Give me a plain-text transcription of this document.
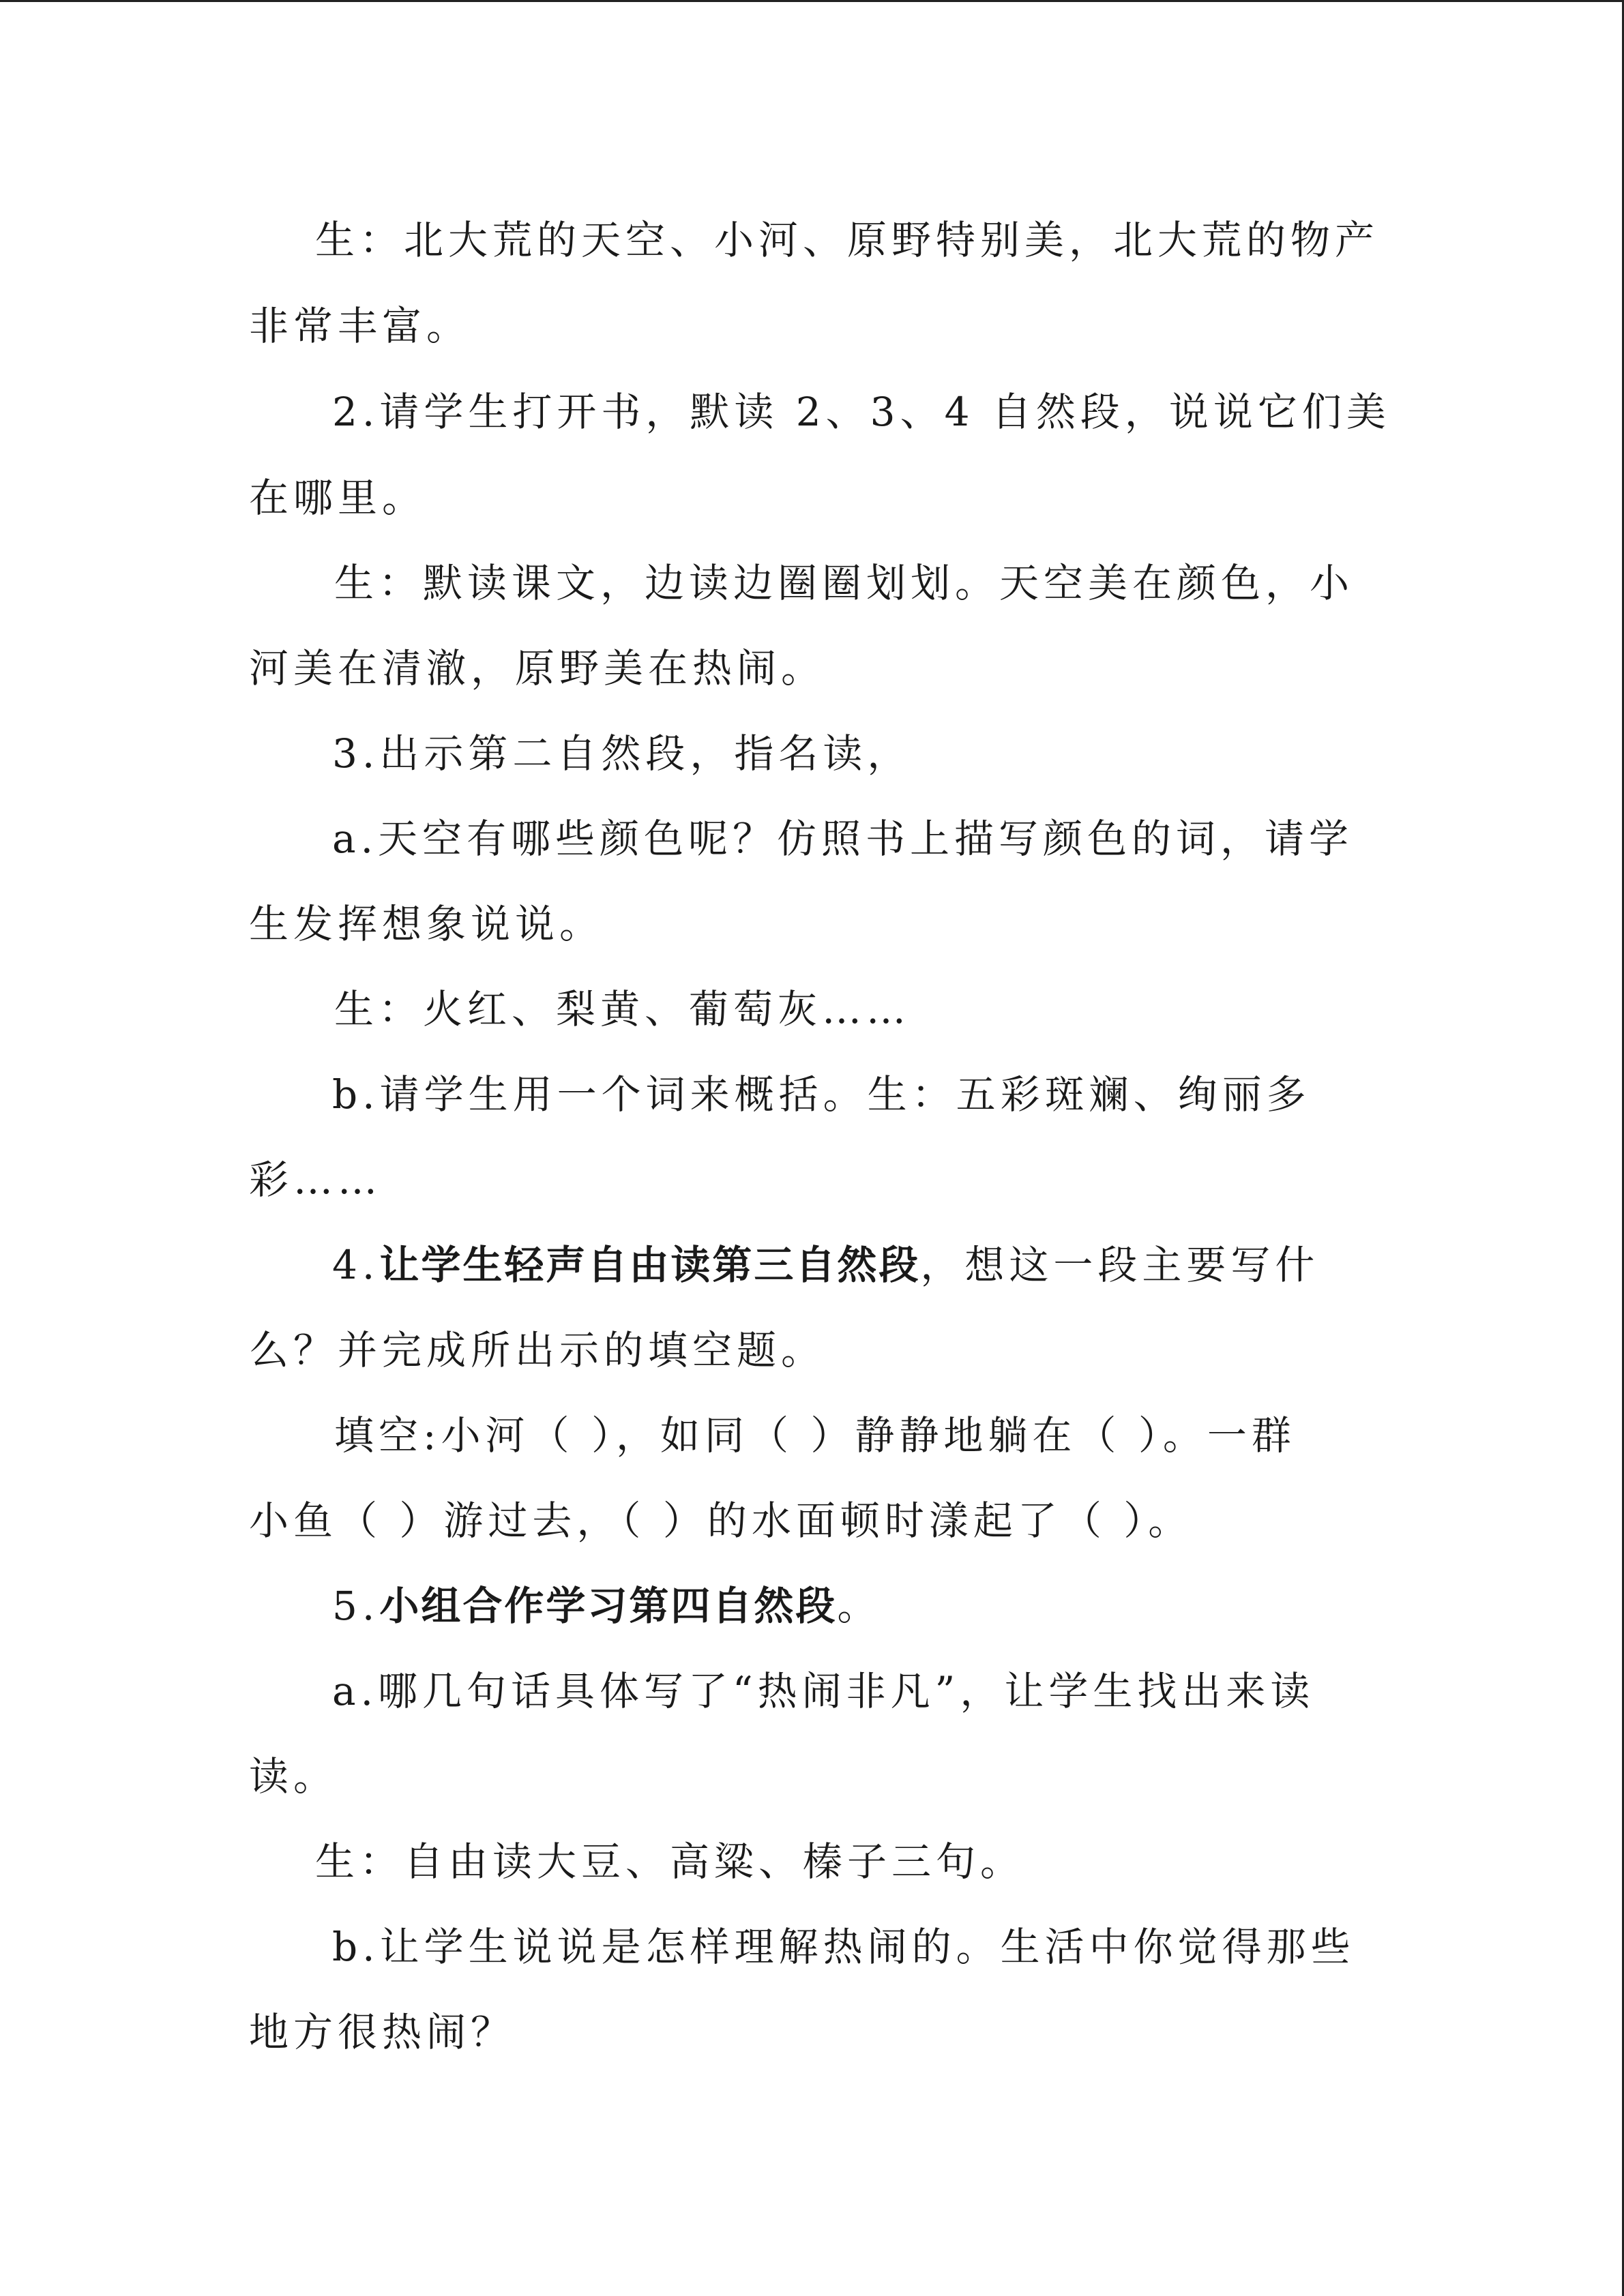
生：北大荒的天空、小河、原野特别美，北大荒的物产
非常丰富。
2.请学生打开书，默读 2、3、4 自然段，说说它们美
在哪里。
生：默读课文，边读边圈圈划划。天空美在颜色，小
河美在清澈，原野美在热闹。
3.出示第二自然段，指名读，
a.天空有哪些颜色呢？仿照书上描写颜色的词，请学
生发挥想象说说。
生：火红、梨黄、葡萄灰……
b.请学生用一个词来概括。生：五彩斑斓、绚丽多
彩……
4.让学生轻声自由读第三自然段，想这一段主要写什
么？并完成所出示的填空题。
填空:小河（ ），如同（ ）静静地躺在（ ）。一群
小鱼（ ）游过去，（ ）的水面顿时漾起了（ ）。
5.小组合作学习第四自然段。
a.哪几句话具体写了“热闹非凡”，让学生找出来读
读。
生：自由读大豆、高粱、榛子三句。
b.让学生说说是怎样理解热闹的。生活中你觉得那些
地方很热闹？
